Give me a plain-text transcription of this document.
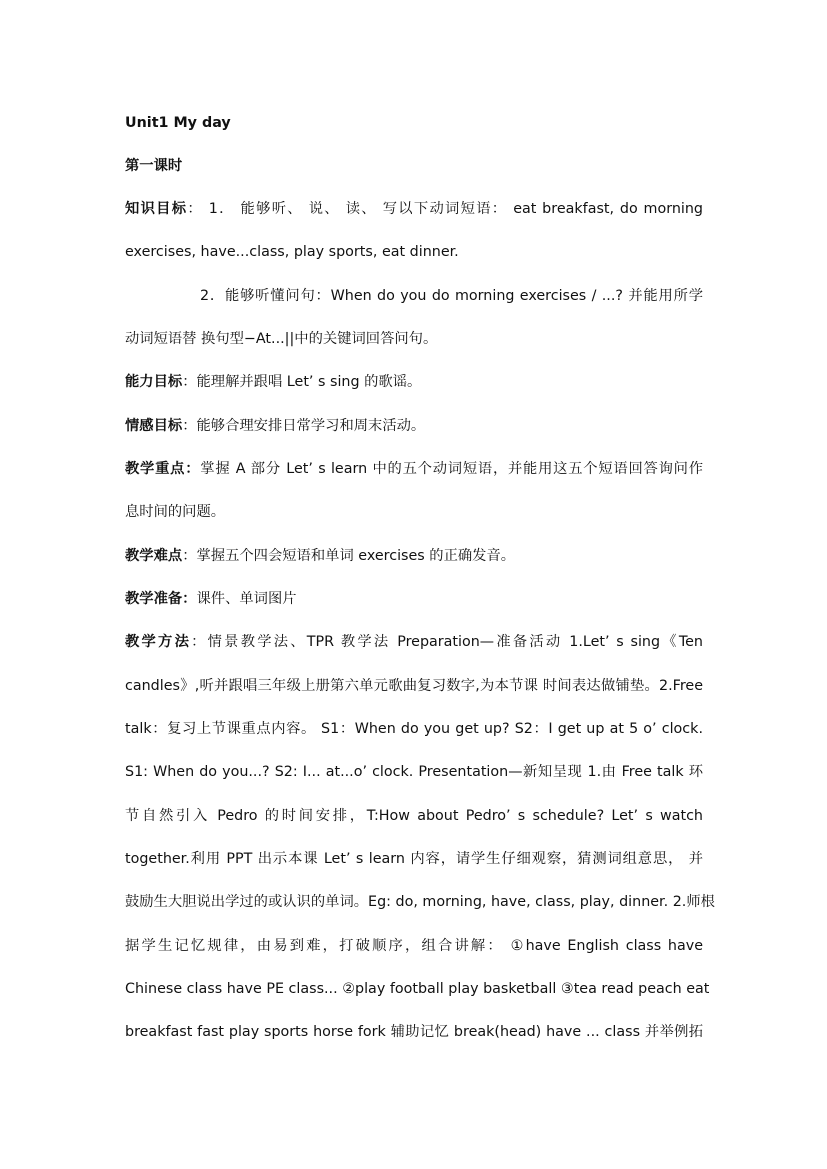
Unit1 My day
第一课时
知识目标： 1． 能够听、 说、 读、 写以下动词短语： eat breakfast, do morning
exercises, have...class, play sports, eat dinner.
2．能够听懂问句：When do you do morning exercises / ...? 并能用所学
动词短语替 换句型−At...||中的关键词回答问句。
能力目标：能理解并跟唱 Let’ s sing 的歌谣。
情感目标：能够合理安排日常学习和周末活动。
教学重点：掌握 A 部分 Let’ s learn 中的五个动词短语，并能用这五个短语回答询问作
息时间的问题。
教学难点：掌握五个四会短语和单词 exercises 的正确发音。
教学准备：课件、单词图片
教学方法：情景教学法、TPR 教学法 Preparation—准备活动 1.Let’ s sing《Ten
candles》,听并跟唱三年级上册第六单元歌曲复习数字,为本节课 时间表达做铺垫。2.Free
talk：复习上节课重点内容。 S1：When do you get up? S2：I get up at 5 o’ clock.
S1: When do you...? S2: I... at...o’ clock. Presentation—新知呈现 1.由 Free talk 环
节自然引入 Pedro 的时间安排，T:How about Pedro’ s schedule? Let’ s watch
together.利用 PPT 出示本课 Let’ s learn 内容，请学生仔细观察，猜测词组意思， 并
鼓励生大胆说出学过的或认识的单词。Eg: do, morning, have, class, play, dinner. 2.师根
据学生记忆规律，由易到难，打破顺序，组合讲解： ①have English class have
Chinese class have PE class... ②play football play basketball ③tea read peach eat
breakfast fast play sports horse fork 辅助记忆 break(head) have ... class 并举例拓
